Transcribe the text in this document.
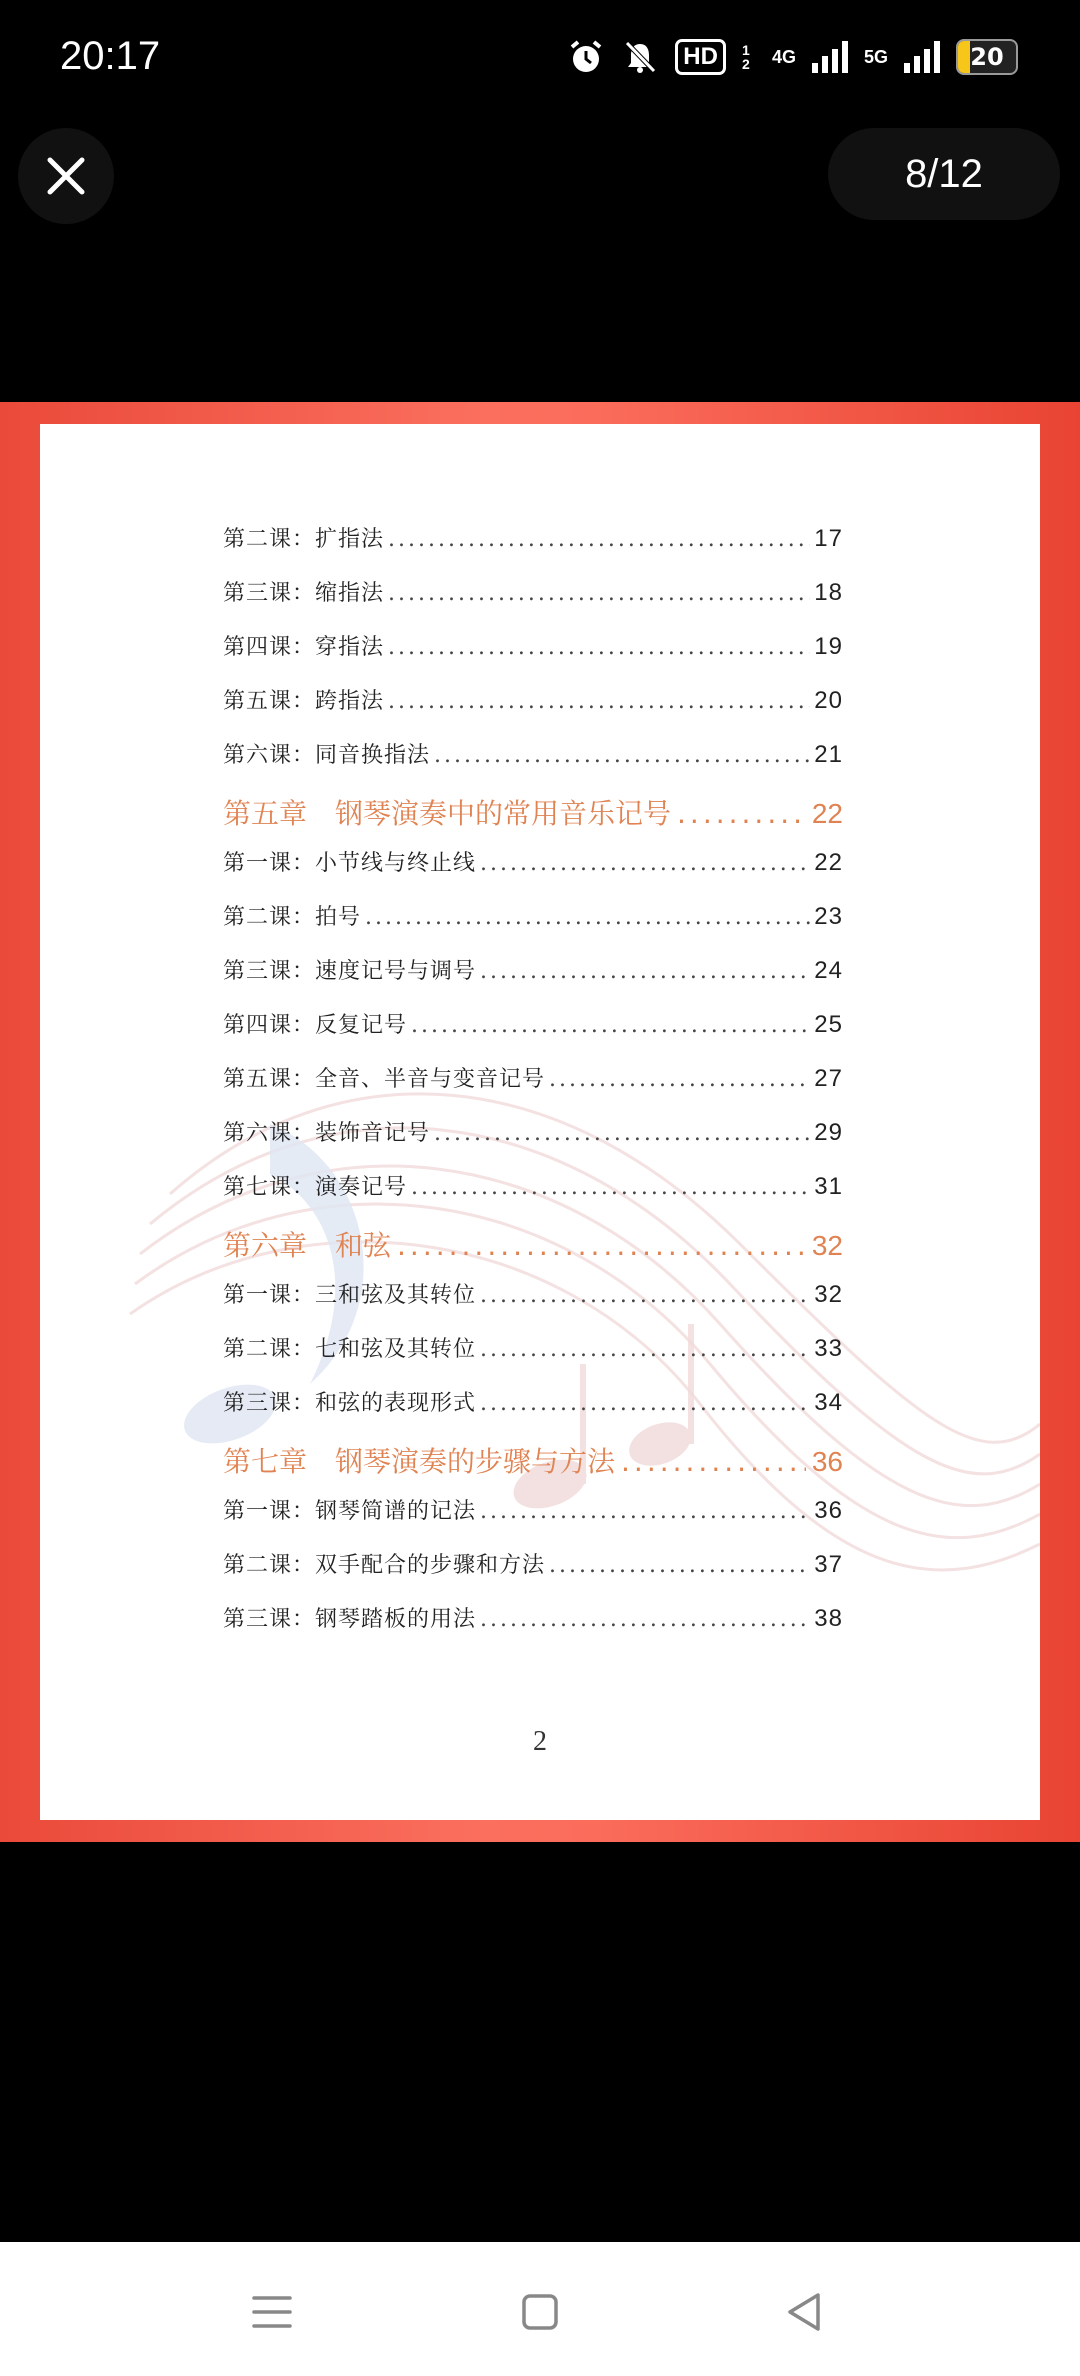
20:17	HD	1 2	4G	5G	20
8/12
第二课：扩指法 .....	17
第三课：缩指法 .....	18
第四课：穿指法 .....	19
第五课：跨指法 .....	20
第六课：同音换指法 .....	21
第五章　钢琴演奏中的常用音乐记号 .....	22
第一课：小节线与终止线 .....	22
第二课：拍号 .....	23
第三课：速度记号与调号 .....	24
第四课：反复记号 .....	25
第五课：全音、半音与变音记号 .....	27
第六课：装饰音记号 .....	29
第七课：演奏记号 .....	31
第六章　和弦 .....	32
第一课：三和弦及其转位 .....	32
第二课：七和弦及其转位 .....	33
第三课：和弦的表现形式 .....	34
第七章　钢琴演奏的步骤与方法 .....	36
第一课：钢琴简谱的记法 .....	36
第二课：双手配合的步骤和方法 .....	37
第三课：钢琴踏板的用法 .....	38
2
